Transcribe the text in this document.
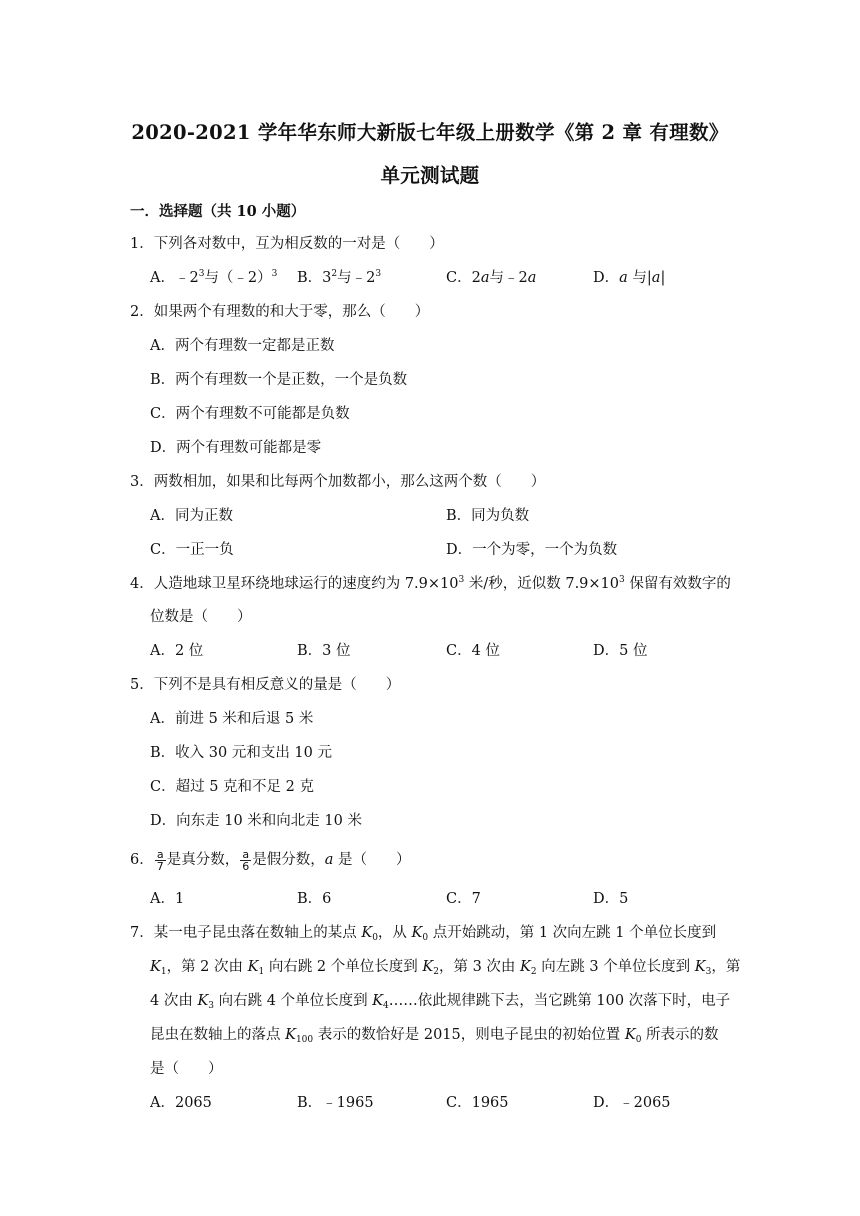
2020-2021 学年华东师大新版七年级上册数学《第 2 章 有理数》
单元测试题
一．选择题（共 10 小题）
1．下列各对数中，互为相反数的一对是（　　）
A．$﹣2^3$与（﹣2）$^3$ B．$3^2$与$﹣2^3$	C．2a与﹣2a	D．a 与|a|
2．如果两个有理数的和大于零，那么（　　）
A．两个有理数一定都是正数
B．两个有理数一个是正数，一个是负数
C．两个有理数不可能都是负数
D．两个有理数可能都是零
3．两数相加，如果和比每两个加数都小，那么这两个数（　　）
A．同为正数	B．同为负数
C．一正一负	D．一个为零，一个为负数
4．人造地球卫星环绕地球运行的速度约为 $7.9\times 10^3$ 米/秒，近似数 $7.9\times 10^3$ 保留有效数字的
位数是（　　）
A．2 位	B．3 位	C．4 位	D．5 位
5．下列不是具有相反意义的量是（　　）
A．前进 5 米和后退 5 米
B．收入 30 元和支出 10 元
C．超过 5 克和不足 2 克
D．向东走 10 米和向北走 10 米
6． $\frac{a}{7}$ 是真分数， $\frac{a}{6}$ 是假分数，a 是（　　）
A．1	B．6	C．7	D．5
7．某一电子昆虫落在数轴上的某点 $K_0$，从 $K_0$ 点开始跳动，第 1 次向左跳 1 个单位长度到
$K_1$，第 2 次由 $K_1$ 向右跳 2 个单位长度到 $K_2$，第 3 次由 $K_2$ 向左跳 3 个单位长度到 $K_3$，第
4 次由 $K_3$ 向右跳 4 个单位长度到 $K_4\dots\dots$依此规律跳下去，当它跳第 100 次落下时，电子
昆虫在数轴上的落点 $K_{100}$ 表示的数恰好是 2015，则电子昆虫的初始位置 $K_0$ 所表示的数
是（　　）
A．2065	B．﹣1965	C．1965	D．﹣2065
